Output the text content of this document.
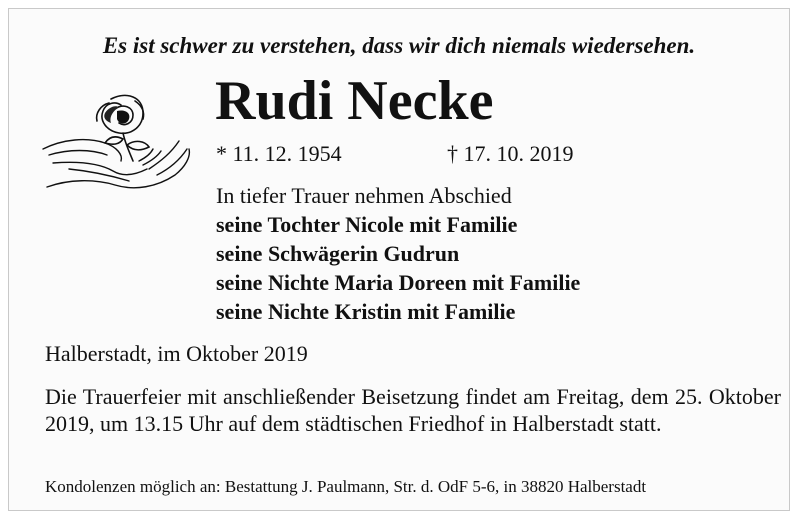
Es ist schwer zu verstehen, dass wir dich niemals wiedersehen.
Rudi Necke
* 11. 12. 1954	† 17. 10. 2019
In tiefer Trauer nehmen Abschied
seine Tochter Nicole mit Familie
seine Schwägerin Gudrun
seine Nichte Maria Doreen mit Familie
seine Nichte Kristin mit Familie
Halberstadt, im Oktober 2019
Die Trauerfeier mit anschließender Beisetzung findet am Freitag, dem 25. Oktober 2019, um 13.15 Uhr auf dem städtischen Friedhof in Halberstadt statt.
Kondolenzen möglich an: Bestattung J. Paulmann, Str. d. OdF 5-6, in 38820 Halberstadt
